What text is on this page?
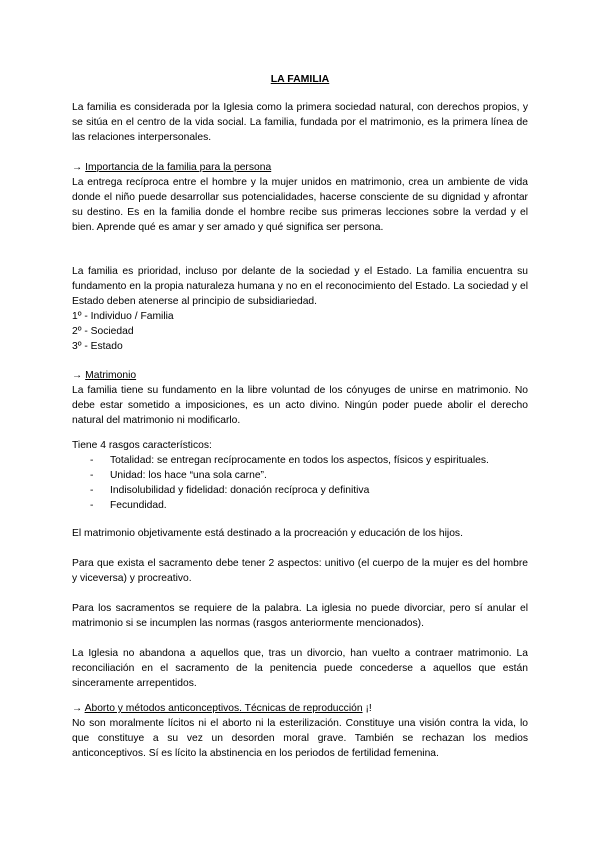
LA FAMILIA

La familia es considerada por la Iglesia como la primera sociedad natural, con derechos propios, y se sitúa en el centro de la vida social. La familia, fundada por el matrimonio, es la primera línea de las relaciones interpersonales.

→ Importancia de la familia para la persona

La entrega recíproca entre el hombre y la mujer unidos en matrimonio, crea un ambiente de vida donde el niño puede desarrollar sus potencialidades, hacerse consciente de su dignidad y afrontar su destino. Es en la familia donde el hombre recibe sus primeras lecciones sobre la verdad y el bien. Aprende qué es amar y ser amado y qué significa ser persona.

La familia es prioridad, incluso por delante de la sociedad y el Estado. La familia encuentra su fundamento en la propia naturaleza humana y no en el reconocimiento del Estado. La sociedad y el Estado deben atenerse al principio de subsidiariedad.

1º - Individuo / Familia

2º - Sociedad

3º - Estado

→ Matrimonio

La familia tiene su fundamento en la libre voluntad de los cónyuges de unirse en matrimonio. No debe estar sometido a imposiciones, es un acto divino. Ningún poder puede abolir el derecho natural del matrimonio ni modificarlo.

Tiene 4 rasgos característicos:

- Totalidad: se entregan recíprocamente en todos los aspectos, físicos y espirituales.
- Unidad: los hace “una sola carne”.
- Indisolubilidad y fidelidad: donación recíproca y definitiva
- Fecundidad.

El matrimonio objetivamente está destinado a la procreación y educación de los hijos.

Para que exista el sacramento debe tener 2 aspectos: unitivo (el cuerpo de la mujer es del hombre y viceversa) y procreativo.

Para los sacramentos se requiere de la palabra. La iglesia no puede divorciar, pero sí anular el matrimonio si se incumplen las normas (rasgos anteriormente mencionados).

La Iglesia no abandona a aquellos que, tras un divorcio, han vuelto a contraer matrimonio. La reconciliación en el sacramento de la penitencia puede concederse a aquellos que están sinceramente arrepentidos.

→ Aborto y métodos anticonceptivos. Técnicas de reproducción ¡!

No son moralmente lícitos ni el aborto ni la esterilización. Constituye una visión contra la vida, lo que constituye a su vez un desorden moral grave. También se rechazan los medios anticonceptivos. Sí es lícito la abstinencia en los periodos de fertilidad femenina.
